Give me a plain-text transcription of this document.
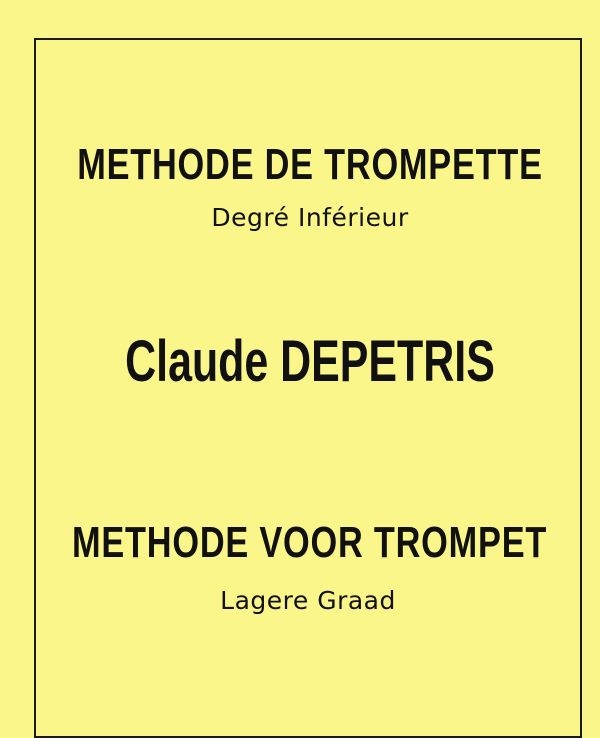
METHODE DE TROMPETTE
Degré Inférieur
Claude DEPETRIS
METHODE VOOR TROMPET
Lagere Graad
